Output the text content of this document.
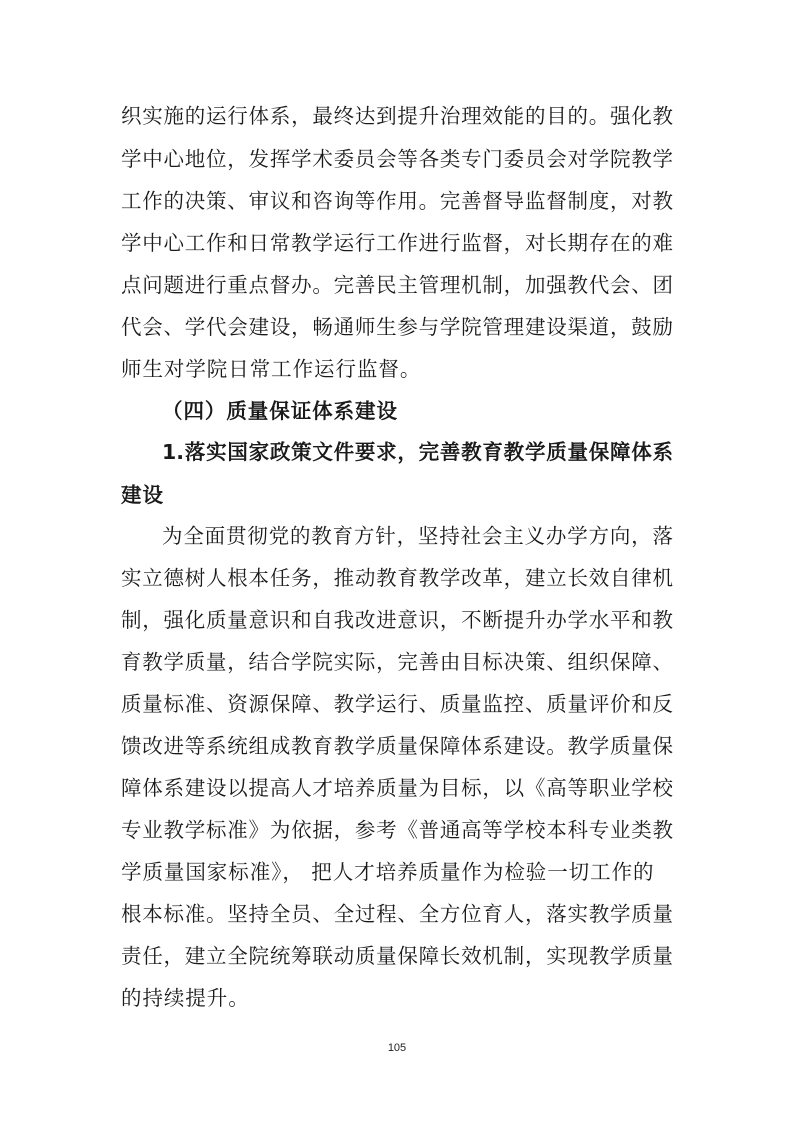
织实施的运行体系，最终达到提升治理效能的目的。强化教
学中心地位，发挥学术委员会等各类专门委员会对学院教学
工作的决策、审议和咨询等作用。完善督导监督制度，对教
学中心工作和日常教学运行工作进行监督，对长期存在的难
点问题进行重点督办。完善民主管理机制，加强教代会、团
代会、学代会建设，畅通师生参与学院管理建设渠道，鼓励
师生对学院日常工作运行监督。
（四）质量保证体系建设
1.落实国家政策文件要求，完善教育教学质量保障体系
建设
为全面贯彻党的教育方针，坚持社会主义办学方向，落
实立德树人根本任务，推动教育教学改革，建立长效自律机
制，强化质量意识和自我改进意识，不断提升办学水平和教
育教学质量，结合学院实际，完善由目标决策、组织保障、
质量标准、资源保障、教学运行、质量监控、质量评价和反
馈改进等系统组成教育教学质量保障体系建设。教学质量保
障体系建设以提高人才培养质量为目标，以《高等职业学校
专业教学标准》为依据，参考《普通高等学校本科专业类教
学质量国家标准》， 把人才培养质量作为检验一切工作的
根本标准。坚持全员、全过程、全方位育人，落实教学质量
责任，建立全院统筹联动质量保障长效机制，实现教学质量
的持续提升。
105
